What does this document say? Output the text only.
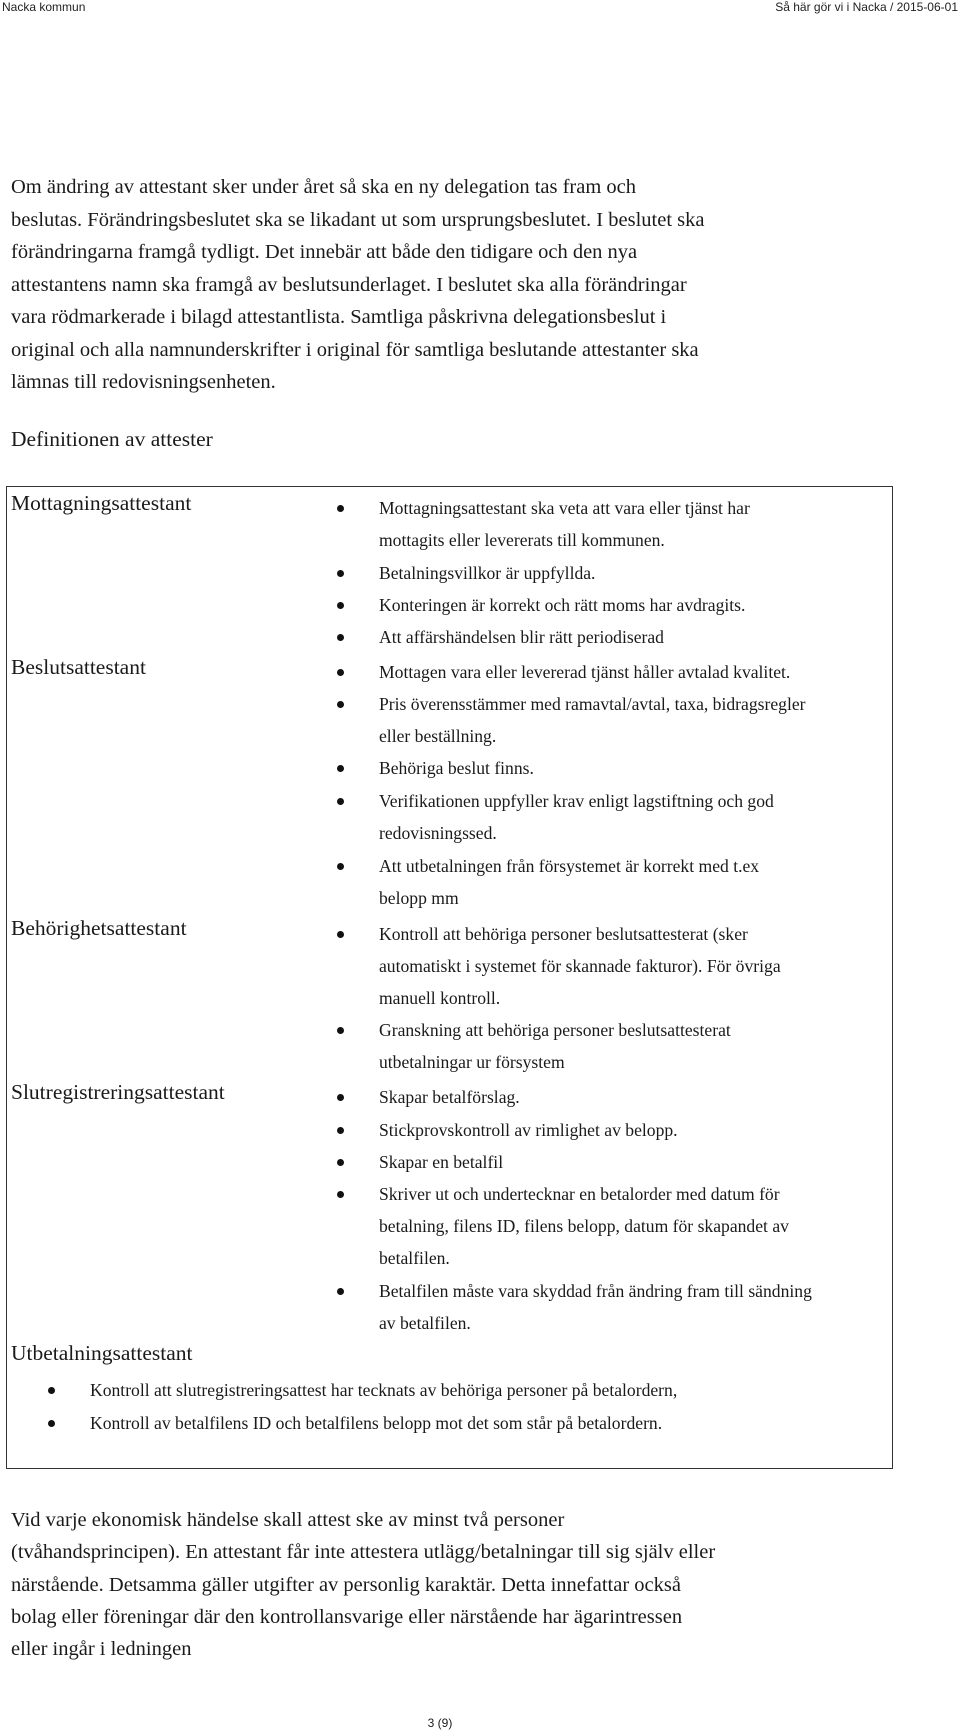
Nacka kommun	Så här gör vi i Nacka / 2015-06-01

Om ändring av attestant sker under året så ska en ny delegation tas fram och
beslutas. Förändringsbeslutet ska se likadant ut som ursprungsbeslutet. I beslutet ska
förändringarna framgå tydligt. Det innebär att både den tidigare och den nya
attestantens namn ska framgå av beslutsunderlaget. I beslutet ska alla förändringar
vara rödmarkerade i bilagd attestantlista. Samtliga påskrivna delegationsbeslut i
original och alla namnunderskrifter i original för samtliga beslutande attestanter ska
lämnas till redovisningsenheten.

Definitionen av attester
Mottagningsattestant	Mottagningsattestant ska veta att vara eller tjänst har
mottagits eller levererats till kommunen.
Betalningsvillkor är uppfyllda.
Konteringen är korrekt och rätt moms har avdragits.
Att affärshändelsen blir rätt periodiserad
Beslutsattestant	Mottagen vara eller levererad tjänst håller avtalad kvalitet.
Pris överensstämmer med ramavtal/avtal, taxa, bidragsregler
eller beställning.
Behöriga beslut finns.
Verifikationen uppfyller krav enligt lagstiftning och god
redovisningssed.
Att utbetalningen från försystemet är korrekt med t.ex
belopp mm
Behörighetsattestant	Kontroll att behöriga personer beslutsattesterat (sker
automatiskt i systemet för skannade fakturor). För övriga
manuell kontroll.
Granskning att behöriga personer beslutsattesterat
utbetalningar ur försystem
Slutregistreringsattestant	Skapar betalförslag.
Stickprovskontroll av rimlighet av belopp.
Skapar en betalfil
Skriver ut och undertecknar en betalorder med datum för
betalning, filens ID, filens belopp, datum för skapandet av
betalfilen.
Betalfilen måste vara skyddad från ändring fram till sändning
av betalfilen.
Utbetalningsattestant
Kontroll att slutregistreringsattest har tecknats av behöriga personer på betalordern,
Kontroll av betalfilens ID och betalfilens belopp mot det som står på betalordern.
Vid varje ekonomisk händelse skall attest ske av minst två personer
(tvåhandsprincipen). En attestant får inte attestera utlägg/betalningar till sig själv eller
närstående. Detsamma gäller utgifter av personlig karaktär. Detta innefattar också
bolag eller föreningar där den kontrollansvarige eller närstående har ägarintressen
eller ingår i ledningen
3 (9)
